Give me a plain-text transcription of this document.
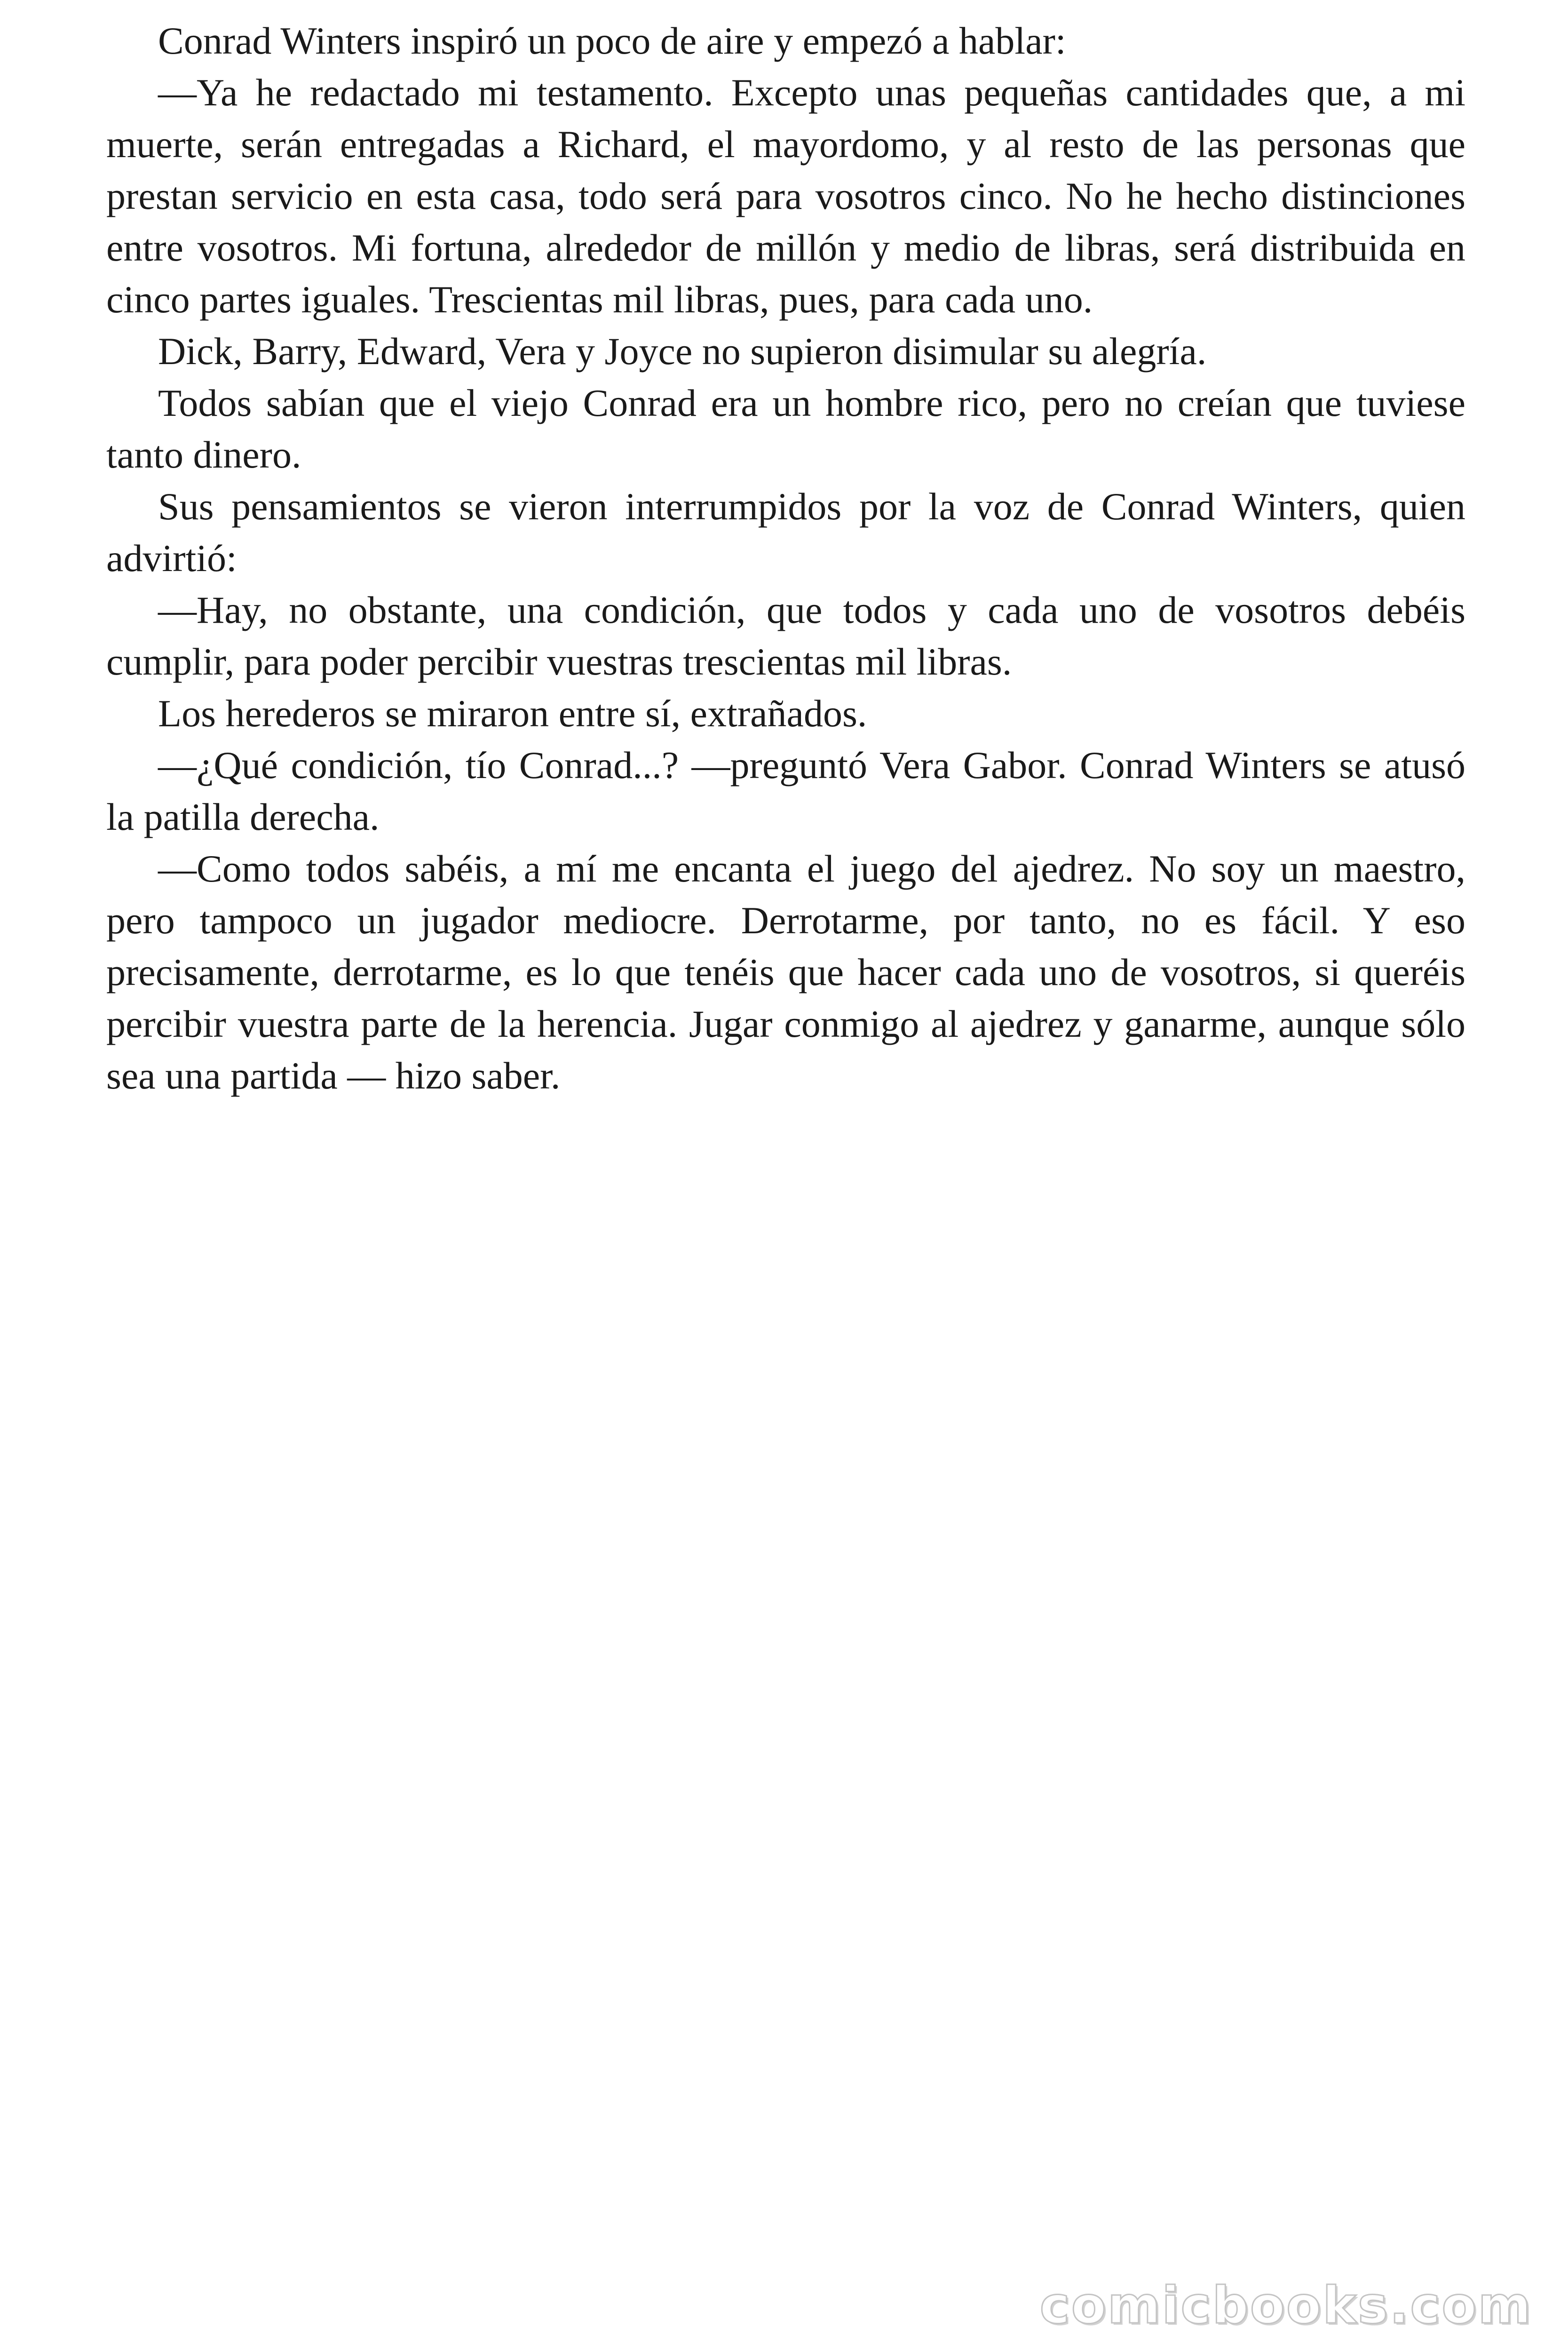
Conrad Winters inspiró un poco de aire y empezó a hablar:

—Ya he redactado mi testamento. Excepto unas pequeñas cantidades que, a mi muerte, serán entregadas a Richard, el mayordomo, y al resto de las personas que prestan servicio en esta casa, todo será para vosotros cinco. No he hecho distinciones entre vosotros. Mi fortuna, alrededor de millón y medio de libras, será distribuida en cinco partes iguales. Trescientas mil libras, pues, para cada uno.

Dick, Barry, Edward, Vera y Joyce no supieron disimular su alegría.

Todos sabían que el viejo Conrad era un hombre rico, pero no creían que tuviese tanto dinero.

Sus pensamientos se vieron interrumpidos por la voz de Conrad Winters, quien advirtió:

—Hay, no obstante, una condición, que todos y cada uno de vosotros debéis cumplir, para poder percibir vuestras trescientas mil libras.

Los herederos se miraron entre sí, extrañados.

—¿Qué condición, tío Conrad...? —preguntó Vera Gabor. Conrad Winters se atusó la patilla derecha.

—Como todos sabéis, a mí me encanta el juego del ajedrez. No soy un maestro, pero tampoco un jugador mediocre. Derrotarme, por tanto, no es fácil. Y eso precisamente, derrotarme, es lo que tenéis que hacer cada uno de vosotros, si queréis percibir vuestra parte de la herencia. Jugar conmigo al ajedrez y ganarme, aunque sólo sea una partida — hizo saber.

comicbooks.com
